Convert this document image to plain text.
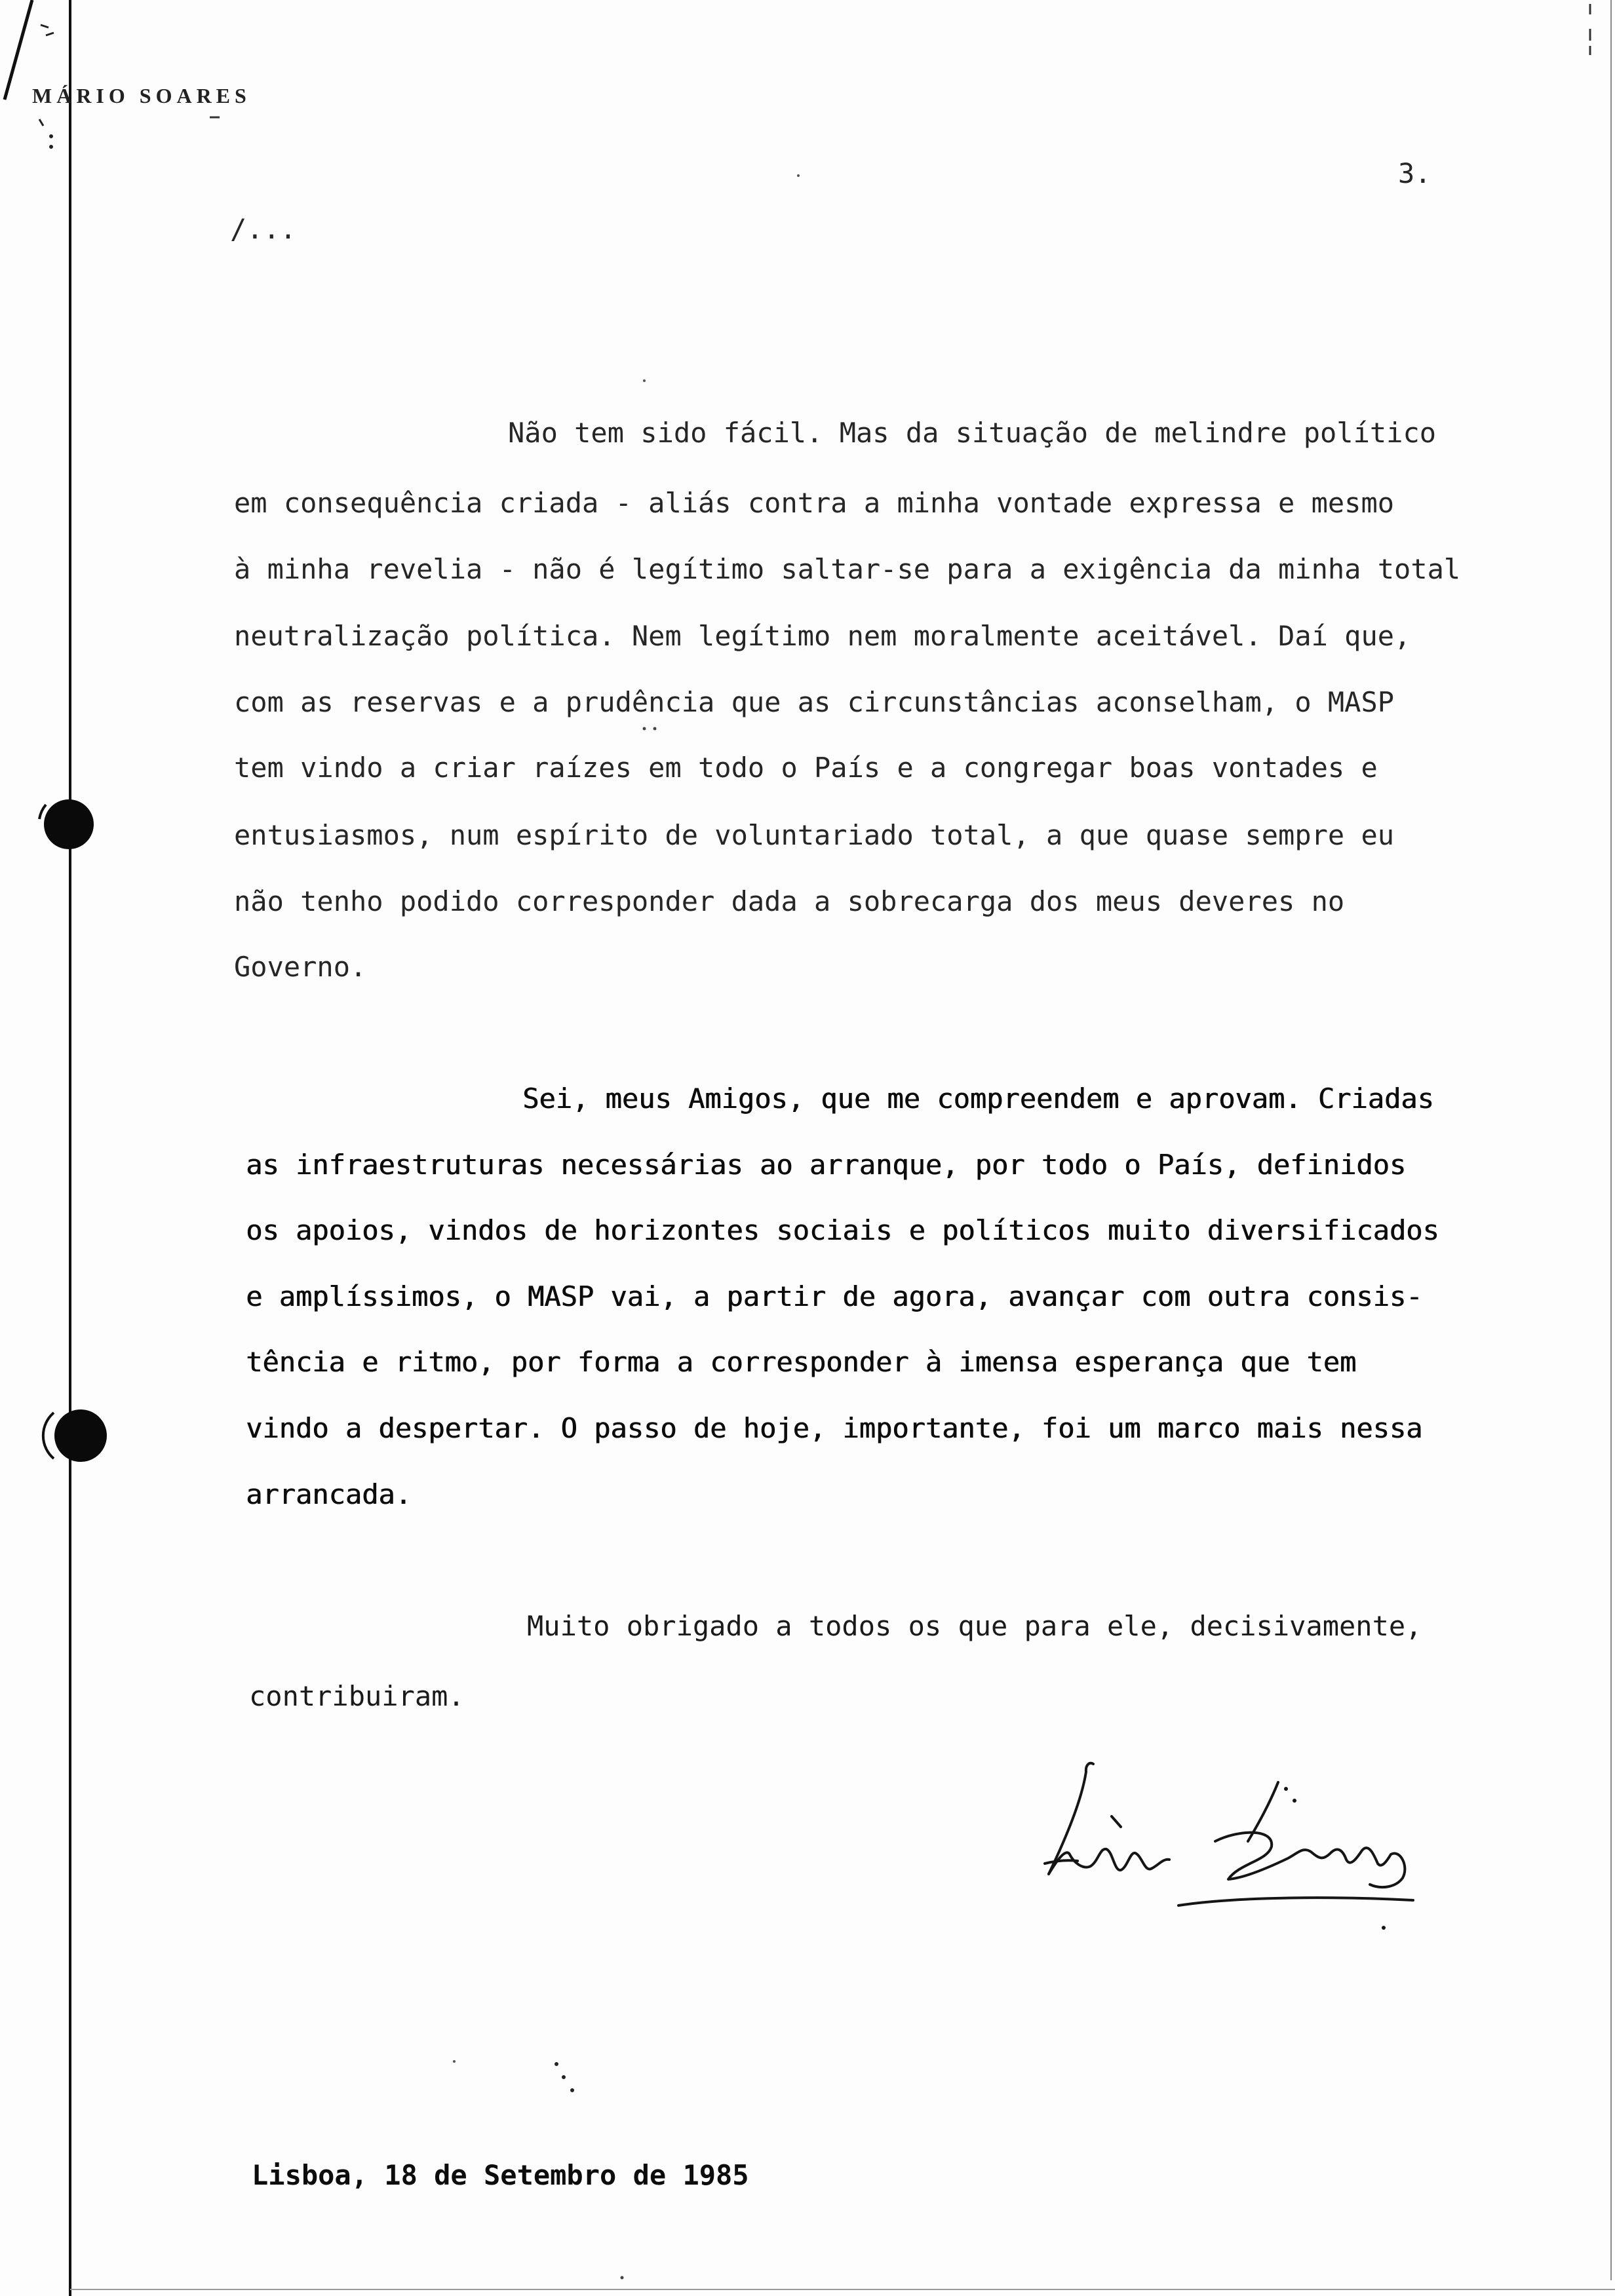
MÁRIO SOARES
3.
/...
Não tem sido fácil. Mas da situação de melindre político
em consequência criada - aliás contra a minha vontade expressa e mesmo
à minha revelia - não é legítimo saltar-se para a exigência da minha total
neutralização política. Nem legítimo nem moralmente aceitável. Daí que,
com as reservas e a prudência que as circunstâncias aconselham, o MASP
tem vindo a criar raízes em todo o País e a congregar boas vontades e
entusiasmos, num espírito de voluntariado total, a que quase sempre eu
não tenho podido corresponder dada a sobrecarga dos meus deveres no
Governo.
Sei, meus Amigos, que me compreendem e aprovam. Criadas
as infraestruturas necessárias ao arranque, por todo o País, definidos
os apoios, vindos de horizontes sociais e políticos muito diversificados
e amplíssimos, o MASP vai, a partir de agora, avançar com outra consis-
tência e ritmo, por forma a corresponder à imensa esperança que tem
vindo a despertar. O passo de hoje, importante, foi um marco mais nessa
arrancada.
Muito obrigado a todos os que para ele, decisivamente,
contribuiram.
Lisboa, 18 de Setembro de 1985
